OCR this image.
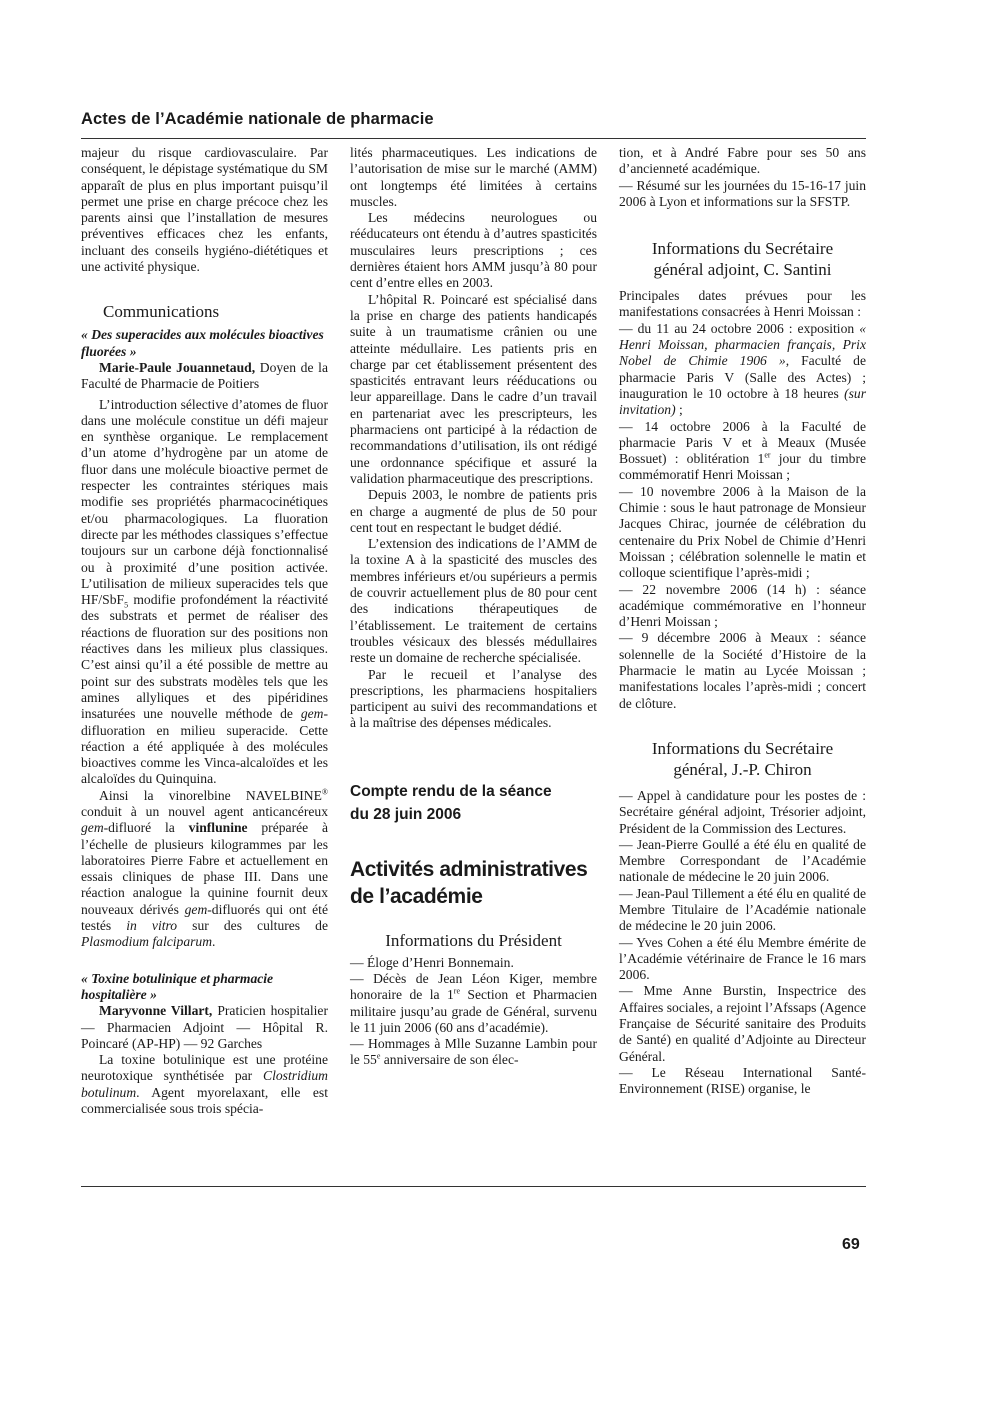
Actes de l’Académie nationale de pharmacie

majeur du risque cardiovasculaire. Par conséquent, le dépistage systématique du SM apparaît de plus en plus important puisqu’il permet une prise en charge précoce chez les parents ainsi que l’installation de mesures préventives efficaces chez les enfants, incluant des conseils hygiéno-diététiques et une activité physique.

Communications
« Des superacides aux molécules bioactives fluorées »

Marie-Paule Jouannetaud, Doyen de la Faculté de Pharmacie de Poitiers

L’introduction sélective d’atomes de fluor dans une molécule constitue un défi majeur en synthèse organique. Le remplacement d’un atome d’hydrogène par un atome de fluor dans une molécule bioactive permet de respecter les contraintes stériques mais modifie ses propriétés pharmacocinétiques et/ou pharmacologiques. La fluoration directe par les méthodes classiques s’effectue toujours sur un carbone déjà fonctionnalisé ou à proximité d’une position activée. L’utilisation de milieux superacides tels que HF/SbF$_5$ modifie profondément la réactivité des substrats et permet de réaliser des réactions de fluoration sur des positions non réactives dans les milieux plus classiques. C’est ainsi qu’il a été possible de mettre au point sur des substrats modèles tels que les amines allyliques et des pipéridines insaturées une nouvelle méthode de gem-difluoration en milieu superacide. Cette réaction a été appliquée à des molécules bioactives comme les Vinca-alcaloïdes et les alcaloïdes du Quinquina.

Ainsi la vinorelbine NAVELBINE® conduit à un nouvel agent anticancéreux gem-difluoré la vinflunine préparée à l’échelle de plusieurs kilogrammes par les laboratoires Pierre Fabre et actuellement en essais cliniques de phase III. Dans une réaction analogue la quinine fournit deux nouveaux dérivés gem-difluorés qui ont été testés in vitro sur des cultures de Plasmodium falciparum.

« Toxine botulinique et pharmacie hospitalière »

Maryvonne Villart, Praticien hospitalier — Pharmacien Adjoint — Hôpital R. Poincaré (AP-HP) — 92 Garches

La toxine botulinique est une protéine neurotoxique synthétisée par Clostridium botulinum. Agent myorelaxant, elle est commercialisée sous trois spécia-

lités pharmaceutiques. Les indications de l’autorisation de mise sur le marché (AMM) ont longtemps été limitées à certains muscles.

Les médecins neurologues ou rééducateurs ont étendu à d’autres spasticités musculaires leurs prescriptions ; ces dernières étaient hors AMM jusqu’à 80 pour cent d’entre elles en 2003.

L’hôpital R. Poincaré est spécialisé dans la prise en charge des patients handicapés suite à un traumatisme crânien ou une atteinte médullaire. Les patients pris en charge par cet établissement présentent des spasticités entravant leurs rééducations ou leur appareillage. Dans le cadre d’un travail en partenariat avec les prescripteurs, les pharmaciens ont participé à la rédaction de recommandations d’utilisation, ils ont rédigé une ordonnance spécifique et assuré la validation pharmaceutique des prescriptions.

Depuis 2003, le nombre de patients pris en charge a augmenté de plus de 50 pour cent tout en respectant le budget dédié.

L’extension des indications de l’AMM de la toxine A à la spasticité des muscles des membres inférieurs et/ou supérieurs a permis de couvrir actuellement plus de 80 pour cent des indications thérapeutiques de l’établissement. Le traitement de certains troubles vésicaux des blessés médullaires reste un domaine de recherche spécialisée.

Par le recueil et l’analyse des prescriptions, les pharmaciens hospitaliers participent au suivi des recommandations et à la maîtrise des dépenses médicales.

Compte rendu de la séance
du 28 juin 2006
Activités administratives
de l’académie
Informations du Président

— Éloge d’Henri Bonnemain.

— Décès de Jean Léon Kiger, membre honoraire de la 1re Section et Pharmacien militaire jusqu’au grade de Général, survenu le 11 juin 2006 (60 ans d’académie).

— Hommages à Mlle Suzanne Lambin pour le 55e anniversaire de son élec-

tion, et à André Fabre pour ses 50 ans d’ancienneté académique.

— Résumé sur les journées du 15-16-17 juin 2006 à Lyon et informations sur la SFSTP.

Informations du Secrétaire
général adjoint, C. Santini

Principales dates prévues pour les manifestations consacrées à Henri Moissan :

— du 11 au 24 octobre 2006 : exposition « Henri Moissan, pharmacien français, Prix Nobel de Chimie 1906 », Faculté de pharmacie Paris V (Salle des Actes) ; inauguration le 10 octobre à 18 heures (sur invitation) ;

— 14 octobre 2006 à la Faculté de pharmacie Paris V et à Meaux (Musée Bossuet) : oblitération 1er jour du timbre commémoratif Henri Moissan ;

— 10 novembre 2006 à la Maison de la Chimie : sous le haut patronage de Monsieur Jacques Chirac, journée de célébration du centenaire du Prix Nobel de Chimie d’Henri Moissan ; célébration solennelle le matin et colloque scientifique l’après-midi ;

— 22 novembre 2006 (14 h) : séance académique commémorative en l’honneur d’Henri Moissan ;

— 9 décembre 2006 à Meaux : séance solennelle de la Société d’Histoire de la Pharmacie le matin au Lycée Moissan ; manifestations locales l’après-midi ; concert de clôture.

Informations du Secrétaire
général, J.-P. Chiron

— Appel à candidature pour les postes de : Secrétaire général adjoint, Trésorier adjoint, Président de la Commission des Lectures.

— Jean-Pierre Goullé a été élu en qualité de Membre Correspondant de l’Académie nationale de médecine le 20 juin 2006.

— Jean-Paul Tillement a été élu en qualité de Membre Titulaire de l’Académie nationale de médecine le 20 juin 2006.

— Yves Cohen a été élu Membre émérite de l’Académie vétérinaire de France le 16 mars 2006.

— Mme Anne Burstin, Inspectrice des Affaires sociales, a rejoint l’Afssaps (Agence Française de Sécurité sanitaire des Produits de Santé) en qualité d’Adjointe au Directeur Général.

— Le Réseau International Santé-Environnement (RISE) organise, le

69
